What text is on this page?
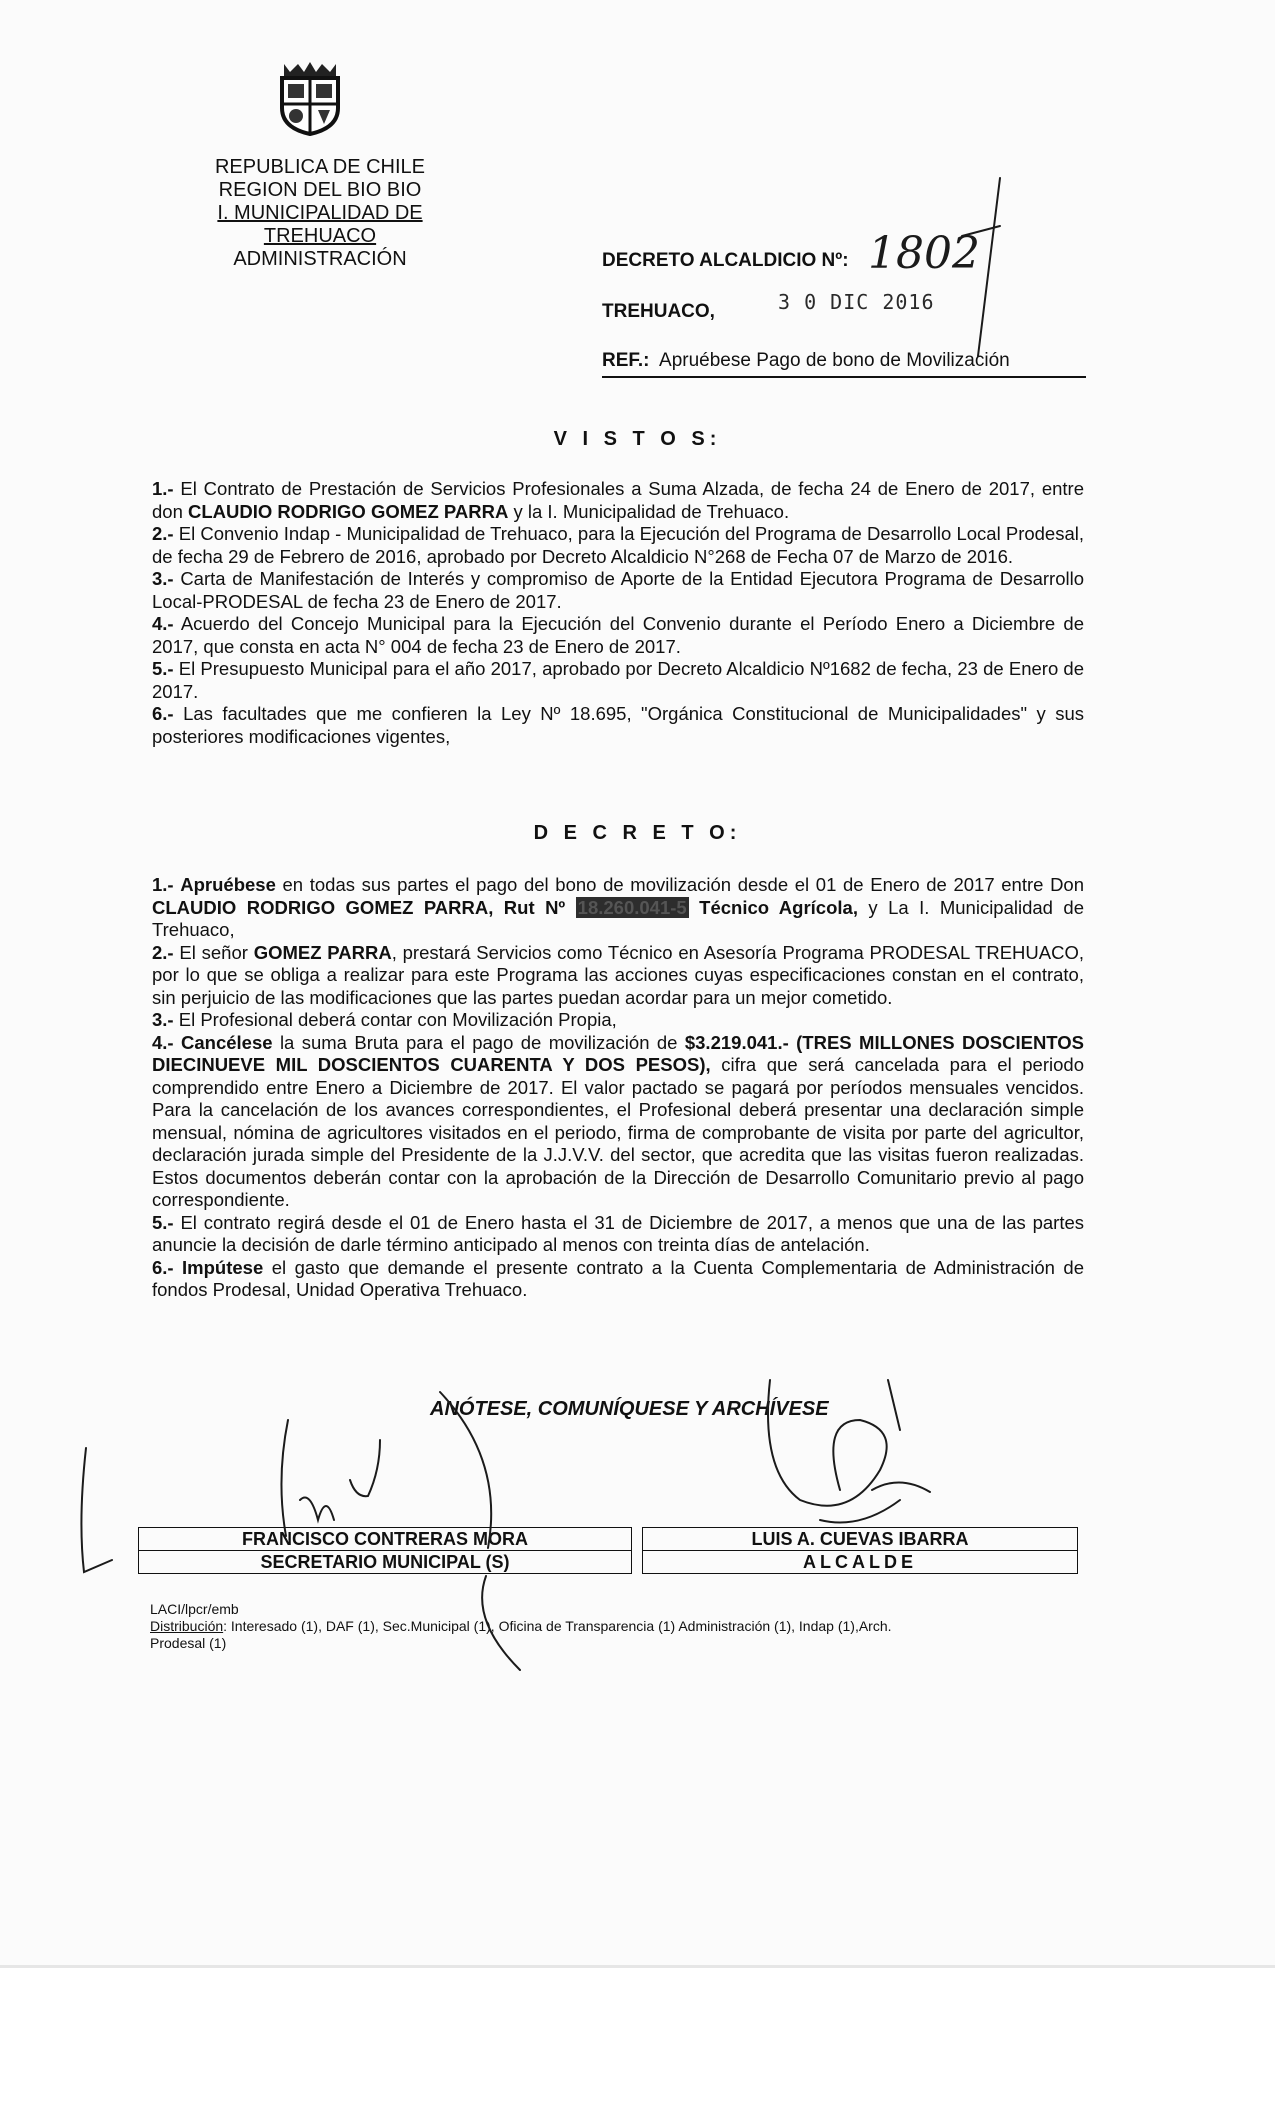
REPUBLICA DE CHILE
REGION DEL BIO BIO
I. MUNICIPALIDAD DE TREHUACO
ADMINISTRACIÓN	DECRETO ALCALDICIO Nº: 1802
TREHUACO,	3 0 DIC 2016
REF.: Apruébese Pago de bono de Movilización
V I S T O S:

1.- El Contrato de Prestación de Servicios Profesionales a Suma Alzada, de fecha 24 de Enero de 2017, entre don CLAUDIO RODRIGO GOMEZ PARRA y la I. Municipalidad de Trehuaco.

2.- El Convenio Indap - Municipalidad de Trehuaco, para la Ejecución del Programa de Desarrollo Local Prodesal, de fecha 29 de Febrero de 2016, aprobado por Decreto Alcaldicio N°268 de Fecha 07 de Marzo de 2016.

3.- Carta de Manifestación de Interés y compromiso de Aporte de la Entidad Ejecutora Programa de Desarrollo Local-PRODESAL de fecha 23 de Enero de 2017.

4.- Acuerdo del Concejo Municipal para la Ejecución del Convenio durante el Período Enero a Diciembre de 2017, que consta en acta N° 004 de fecha 23 de Enero de 2017.

5.- El Presupuesto Municipal para el año 2017, aprobado por Decreto Alcaldicio Nº1682 de fecha, 23 de Enero de 2017.

6.- Las facultades que me confieren la Ley Nº 18.695, "Orgánica Constitucional de Municipalidades" y sus posteriores modificaciones vigentes,

D E C R E T O:

1.- Apruébese en todas sus partes el pago del bono de movilización desde el 01 de Enero de 2017 entre Don CLAUDIO RODRIGO GOMEZ PARRA, Rut Nº 18.260.041-5 Técnico Agrícola, y La I. Municipalidad de Trehuaco,

2.- El señor GOMEZ PARRA, prestará Servicios como Técnico en Asesoría Programa PRODESAL TREHUACO, por lo que se obliga a realizar para este Programa las acciones cuyas especificaciones constan en el contrato, sin perjuicio de las modificaciones que las partes puedan acordar para un mejor cometido.

3.- El Profesional deberá contar con Movilización Propia,

4.- Cancélese la suma Bruta para el pago de movilización de $3.219.041.- (TRES MILLONES DOSCIENTOS DIECINUEVE MIL DOSCIENTOS CUARENTA Y DOS PESOS), cifra que será cancelada para el periodo comprendido entre Enero a Diciembre de 2017. El valor pactado se pagará por períodos mensuales vencidos. Para la cancelación de los avances correspondientes, el Profesional deberá presentar una declaración simple mensual, nómina de agricultores visitados en el periodo, firma de comprobante de visita por parte del agricultor, declaración jurada simple del Presidente de la J.J.V.V. del sector, que acredita que las visitas fueron realizadas. Estos documentos deberán contar con la aprobación de la Dirección de Desarrollo Comunitario previo al pago correspondiente.

5.- El contrato regirá desde el 01 de Enero hasta el 31 de Diciembre de 2017, a menos que una de las partes anuncie la decisión de darle término anticipado al menos con treinta días de antelación.

6.- Impútese el gasto que demande el presente contrato a la Cuenta Complementaria de Administración de fondos Prodesal, Unidad Operativa Trehuaco.

ANÓTESE, COMUNÍQUESE Y ARCHÍVESE
FRANCISCO CONTRERAS MORA
SECRETARIO MUNICIPAL (S)
LUIS A. CUEVAS IBARRA
ALCALDE
LACI/lpcr/emb
Distribución: Interesado (1), DAF (1), Sec.Municipal (1), Oficina de Transparencia (1) Administración (1), Indap (1),Arch.
Prodesal (1)
